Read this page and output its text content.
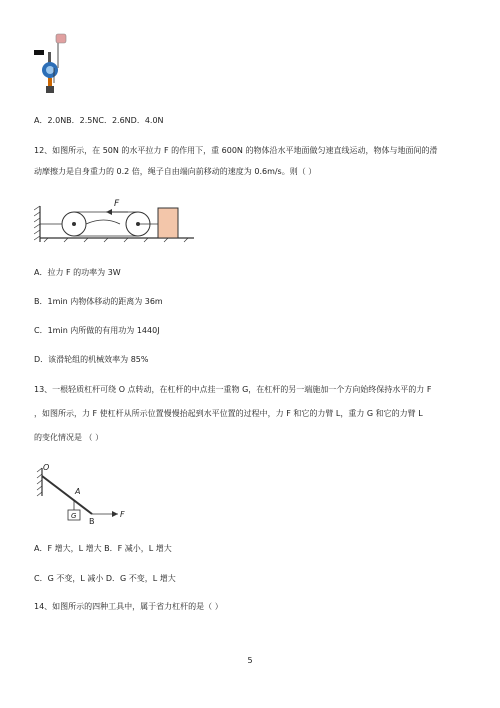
A．2.0NB．2.5NC．2.6ND．4.0N
12、如图所示，在 50N 的水平拉力 F 的作用下，重 600N 的物体沿水平地面做匀速直线运动，物体与地面间的滑
动摩擦力是自身重力的 0.2 倍，绳子自由端向前移动的速度为 0.6m/s。则（ ）
F
A．拉力 F 的功率为 3W
B．1min 内物体移动的距离为 36m
C．1min 内所做的有用功为 1440J
D．该滑轮组的机械效率为 85%
13、一根轻质杠杆可绕 O 点转动，在杠杆的中点挂一重物 G，在杠杆的另一端施加一个方向始终保持水平的力 F
，如图所示，力 F 使杠杆从所示位置慢慢抬起到水平位置的过程中，力 F 和它的力臂 L，重力 G 和它的力臂 L
的变化情况是 （ ）
O
A
B
G	F
A．F 增大，L 增大 B．F 减小，L 增大
C．G 不变，L 减小 D．G 不变，L 增大
14、如图所示的四种工具中，属于省力杠杆的是（ ）
5
